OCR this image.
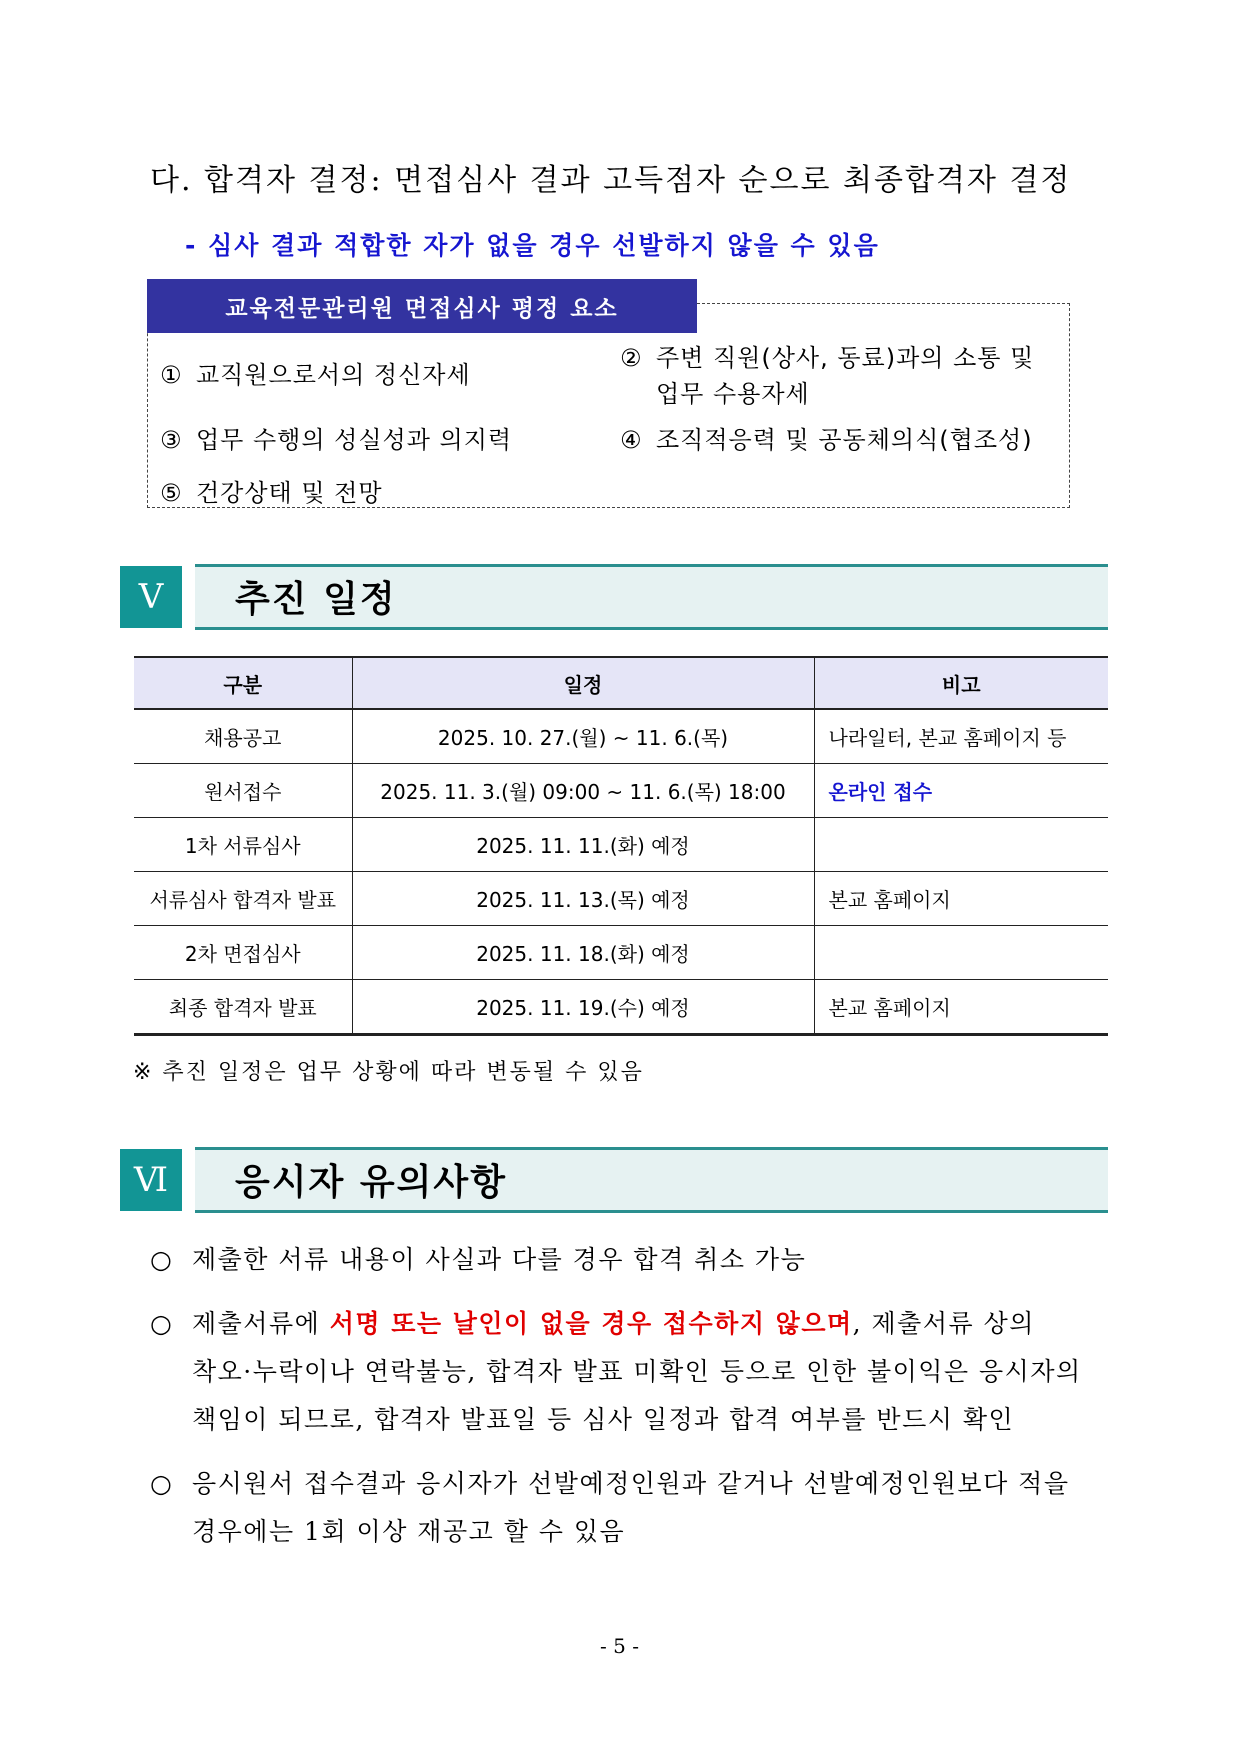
다. 합격자 결정: 면접심사 결과 고득점자 순으로 최종합격자 결정
- 심사 결과 적합한 자가 없을 경우 선발하지 않을 수 있음
교육전문관리원 면접심사 평정 요소
① 교직원으로서의 정신자세
② 주변 직원(상사, 동료)과의 소통 및
업무 수용자세
③ 업무 수행의 성실성과 의지력	④ 조직적응력 및 공동체의식(협조성)
⑤ 건강상태 및 전망
Ⅴ	추진 일정
구분	일정	비고
채용공고	2025. 10. 27.(월) ~ 11. 6.(목)	나라일터, 본교 홈페이지 등
원서접수	2025. 11. 3.(월) 09:00 ~ 11. 6.(목) 18:00	온라인 접수
1차 서류심사	2025. 11. 11.(화) 예정	
서류심사 합격자 발표	2025. 11. 13.(목) 예정	본교 홈페이지
2차 면접심사	2025. 11. 18.(화) 예정	
최종 합격자 발표	2025. 11. 19.(수) 예정	본교 홈페이지
※ 추진 일정은 업무 상황에 따라 변동될 수 있음
Ⅵ	응시자 유의사항
○ 제출한 서류 내용이 사실과 다를 경우 합격 취소 가능
○ 제출서류에 서명 또는 날인이 없을 경우 접수하지 않으며, 제출서류 상의
착오·누락이나 연락불능, 합격자 발표 미확인 등으로 인한 불이익은 응시자의
책임이 되므로, 합격자 발표일 등 심사 일정과 합격 여부를 반드시 확인
○ 응시원서 접수결과 응시자가 선발예정인원과 같거나 선발예정인원보다 적을
경우에는 1회 이상 재공고 할 수 있음
- 5 -
